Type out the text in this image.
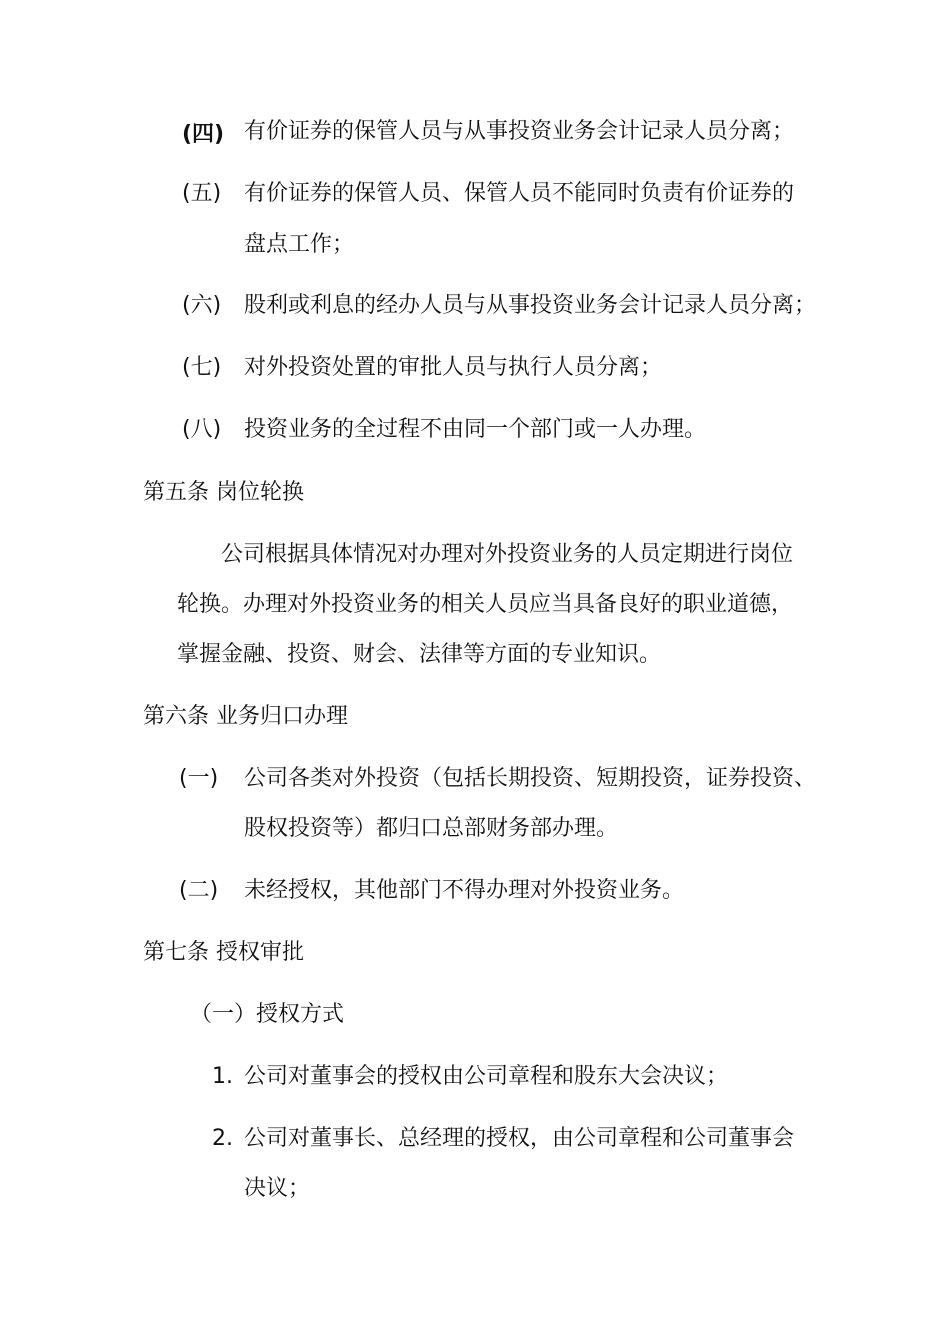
(四) 有价证券的保管人员与从事投资业务会计记录人员分离；
(五) 有价证券的保管人员、保管人员不能同时负责有价证券的
盘点工作；
(六) 股利或利息的经办人员与从事投资业务会计记录人员分离；
(七) 对外投资处置的审批人员与执行人员分离；
(八) 投资业务的全过程不由同一个部门或一人办理。
第五条 岗位轮换
公司根据具体情况对办理对外投资业务的人员定期进行岗位
轮换。办理对外投资业务的相关人员应当具备良好的职业道德，
掌握金融、投资、财会、法律等方面的专业知识。
第六条 业务归口办理
(一) 公司各类对外投资（包括长期投资、短期投资，证券投资、
股权投资等）都归口总部财务部办理。
(二) 未经授权，其他部门不得办理对外投资业务。
第七条 授权审批
（一）授权方式
1. 公司对董事会的授权由公司章程和股东大会决议；
2. 公司对董事长、总经理的授权，由公司章程和公司董事会
决议；
